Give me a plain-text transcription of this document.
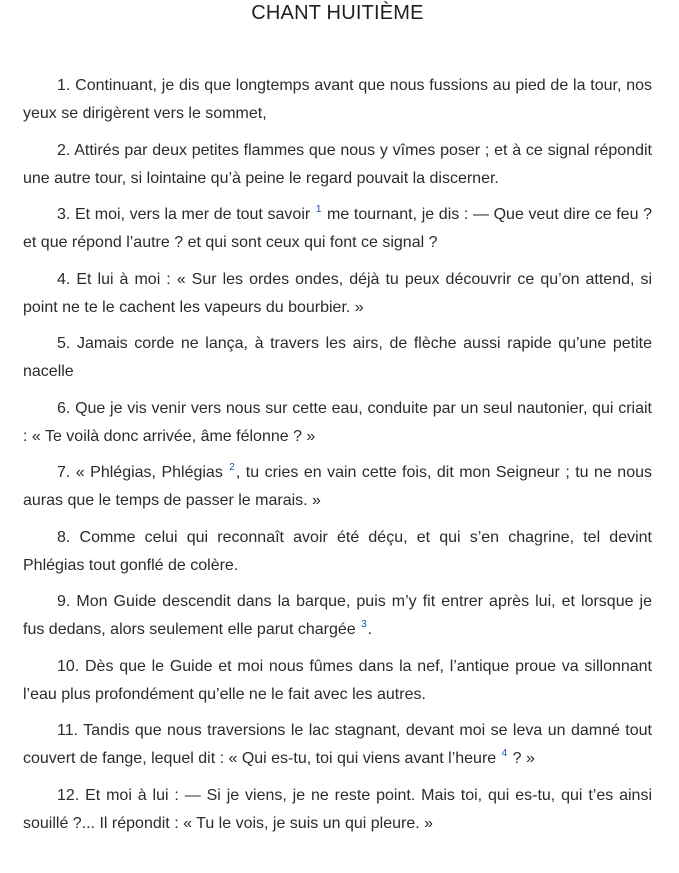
CHANT HUITIÈME

1. Continuant, je dis que longtemps avant que nous fussions au pied de la tour, nos yeux se dirigèrent vers le sommet,

2. Attirés par deux petites flammes que nous y vîmes poser ; et à ce signal répondit une autre tour, si lointaine qu’à peine le regard pouvait la discerner.

3. Et moi, vers la mer de tout savoir $^1$ me tournant, je dis : — Que veut dire ce feu ? et que répond l’autre ? et qui sont ceux qui font ce signal ?

4. Et lui à moi : « Sur les ordes ondes, déjà tu peux découvrir ce qu’on attend, si point ne te le cachent les vapeurs du bourbier. »

5. Jamais corde ne lança, à travers les airs, de flèche aussi rapide qu’une petite nacelle

6. Que je vis venir vers nous sur cette eau, conduite par un seul nautonier, qui criait : « Te voilà donc arrivée, âme félonne ? »

7. « Phlégias, Phlégias $^2$, tu cries en vain cette fois, dit mon Seigneur ; tu ne nous auras que le temps de passer le marais. »

8. Comme celui qui reconnaît avoir été déçu, et qui s’en chagrine, tel devint Phlégias tout gonflé de colère.

9. Mon Guide descendit dans la barque, puis m’y fit entrer après lui, et lorsque je fus dedans, alors seulement elle parut chargée $^3$.

10. Dès que le Guide et moi nous fûmes dans la nef, l’antique proue va sillonnant l’eau plus profondément qu’elle ne le fait avec les autres.

11. Tandis que nous traversions le lac stagnant, devant moi se leva un damné tout couvert de fange, lequel dit : « Qui es-tu, toi qui viens avant l’heure $^4$ ? »

12. Et moi à lui : — Si je viens, je ne reste point. Mais toi, qui es-tu, qui t’es ainsi souillé ?... Il répondit : « Tu le vois, je suis un qui pleure. »
